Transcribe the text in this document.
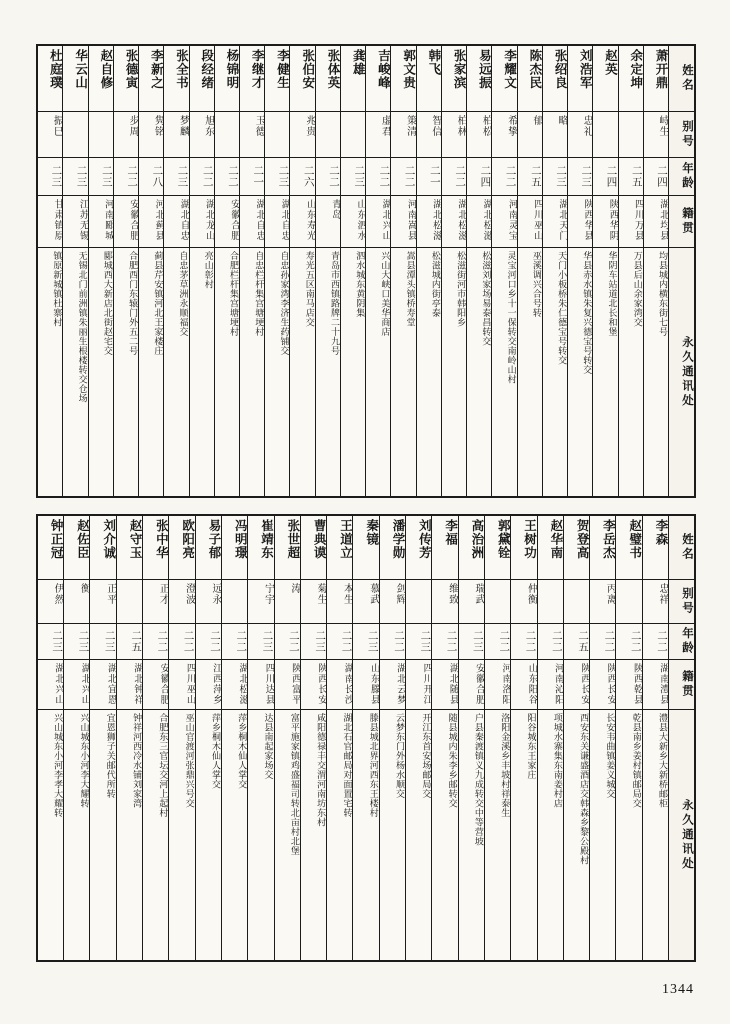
姓名
别号
年龄
籍贯
永久通讯处
萧开鼎
峙生
二四
湖北均县
均县城内横东街七号
余定坤
二五
四川万县
万县后山余家湾交
赵英
二四
陕西华阴
华阴车站道北长和堡
刘浩军
忠礼
二三
陕西华县
华县赤水镇朱复兴德宝号转交
张绍良
略
二三
湖北天门
天门小板桥朱仁德宝号转交
陈杰民
郁
二五
四川巫山
巫溪调兴合号转
李耀文
希挚
二二
河南灵宝
灵宝河口乡十一保转交南岭山村
易远振
柏松
二四
湖北松滋
松滋刘家场易泰昌转交
张家滨
柏林
二二
湖北松滋
松滋街河市韩阳乡
韩飞
智信
二一
湖北松滋
松滋城内街亭泰
郭文贵
策清
二二
河南嵩县
嵩县潭头镇桥寿堂
吉峻峰
虚君
二二
湖北兴山
兴山大峡口美华商店
龚雄
二三
山东泗水
泗水城东黄阴集
张体英
二二
青岛
青岛市西镇路牌二十九号
张伯安
兆贵
二六
山东寿光
寿光五区南马店交
李健生
二三
湖北自忠
自忠孙家湾李济生药铺交
李继才
玉德
二一
湖北自忠
自忠栏杆集宫塘埂村
杨锦明
二二
安徽合肥
合肥栏杆集宫塘埂村
段经绪
旭东
二二
湖北龙山
亮山彰村
张全书
梦麟
二三
湖北自忠
自忠茅草洲永顺福交
李新之
隽铭
二八
河北蓟县
蓟县芹安镇河北王家楼庄
张德寅
步周
二二
安徽合肥
合肥西门东辕门外五二号
赵自修
二三
河南郾城
郾城西大新店北街赵宅交
华云山
二三
江苏无锡
无锡北门前洲镇朱丽生根楼转交仓场
杜庭璞
振巳
二三
甘肃镇原
镇原新城镇杜寨村
姓名
别号
年龄
籍贯
永久通讯处
李森
忠祥
二二
湖南澧县
澧县大新乡大新桥邮柜
赵璧书
二二
陕西乾县
乾县南乡姜村镇邮局交
李岳杰
丙离
二二
陕西长安
长安韦曲镇姜义城交
贺登高
二五
陕西长安
西安东关谦盛酒店交韩森乡黎公殿村
赵华南
二二
河南沁阳
项城水寨集东南姜村店
王树功
仲衡
二二
山东阳谷
阳谷城东王家庄
郭黛铨
二二
河南洛阳
洛阳金溪乡丰坡村祥泰生
高治洲
瑞武
二三
安徽合肥
户县秦渡镇义九成转交中等营坡
李福
维致
二二
湖北随县
随县城内朱李乡邮转交
刘传芳
二三
四川开江
开江东首安场邮局交
潘学勋
剑辉
二二
湖北云梦
云梦东门外杨水顺交
秦镜
慕武
二三
山东滕县
滕县城北界河西东王楼村
王道立
本生
二二
湖南长沙
湖北石官邮局对面置宅转
曹典谟
菊生
二三
陕西长安
咸阳德禄丰交渭河南坊东村
张世超
涛
二二
陕西富平
富平施家镇鸡盛福司转北亩村北堡
崔靖东
宁宇
二三
四川达县
达县南起家场交
冯明璟
二二
湖北松滋
萍乡桐木仙人掌交
易子郁
远永
二二
江西萍乡
萍乡桐木仙人掌交
欧阳亮
澄波
二二
四川巫山
巫山官渡河张鼎兴号交
张中华
正才
二二
安徽合肥
合肥东三官坛交河上起村
赵守玉
二五
湖北钟祥
钟祥河西冷水铺刘家湾
刘介诚
正平
二三
湖北宜恩
宜恩狮子关邮代所转
赵佐臣
衡
二三
湖北兴山
兴山城东小河李大耀转
钟正冠
伊然
二三
湖北兴山
兴山城东小河李孝大耀转
1344
